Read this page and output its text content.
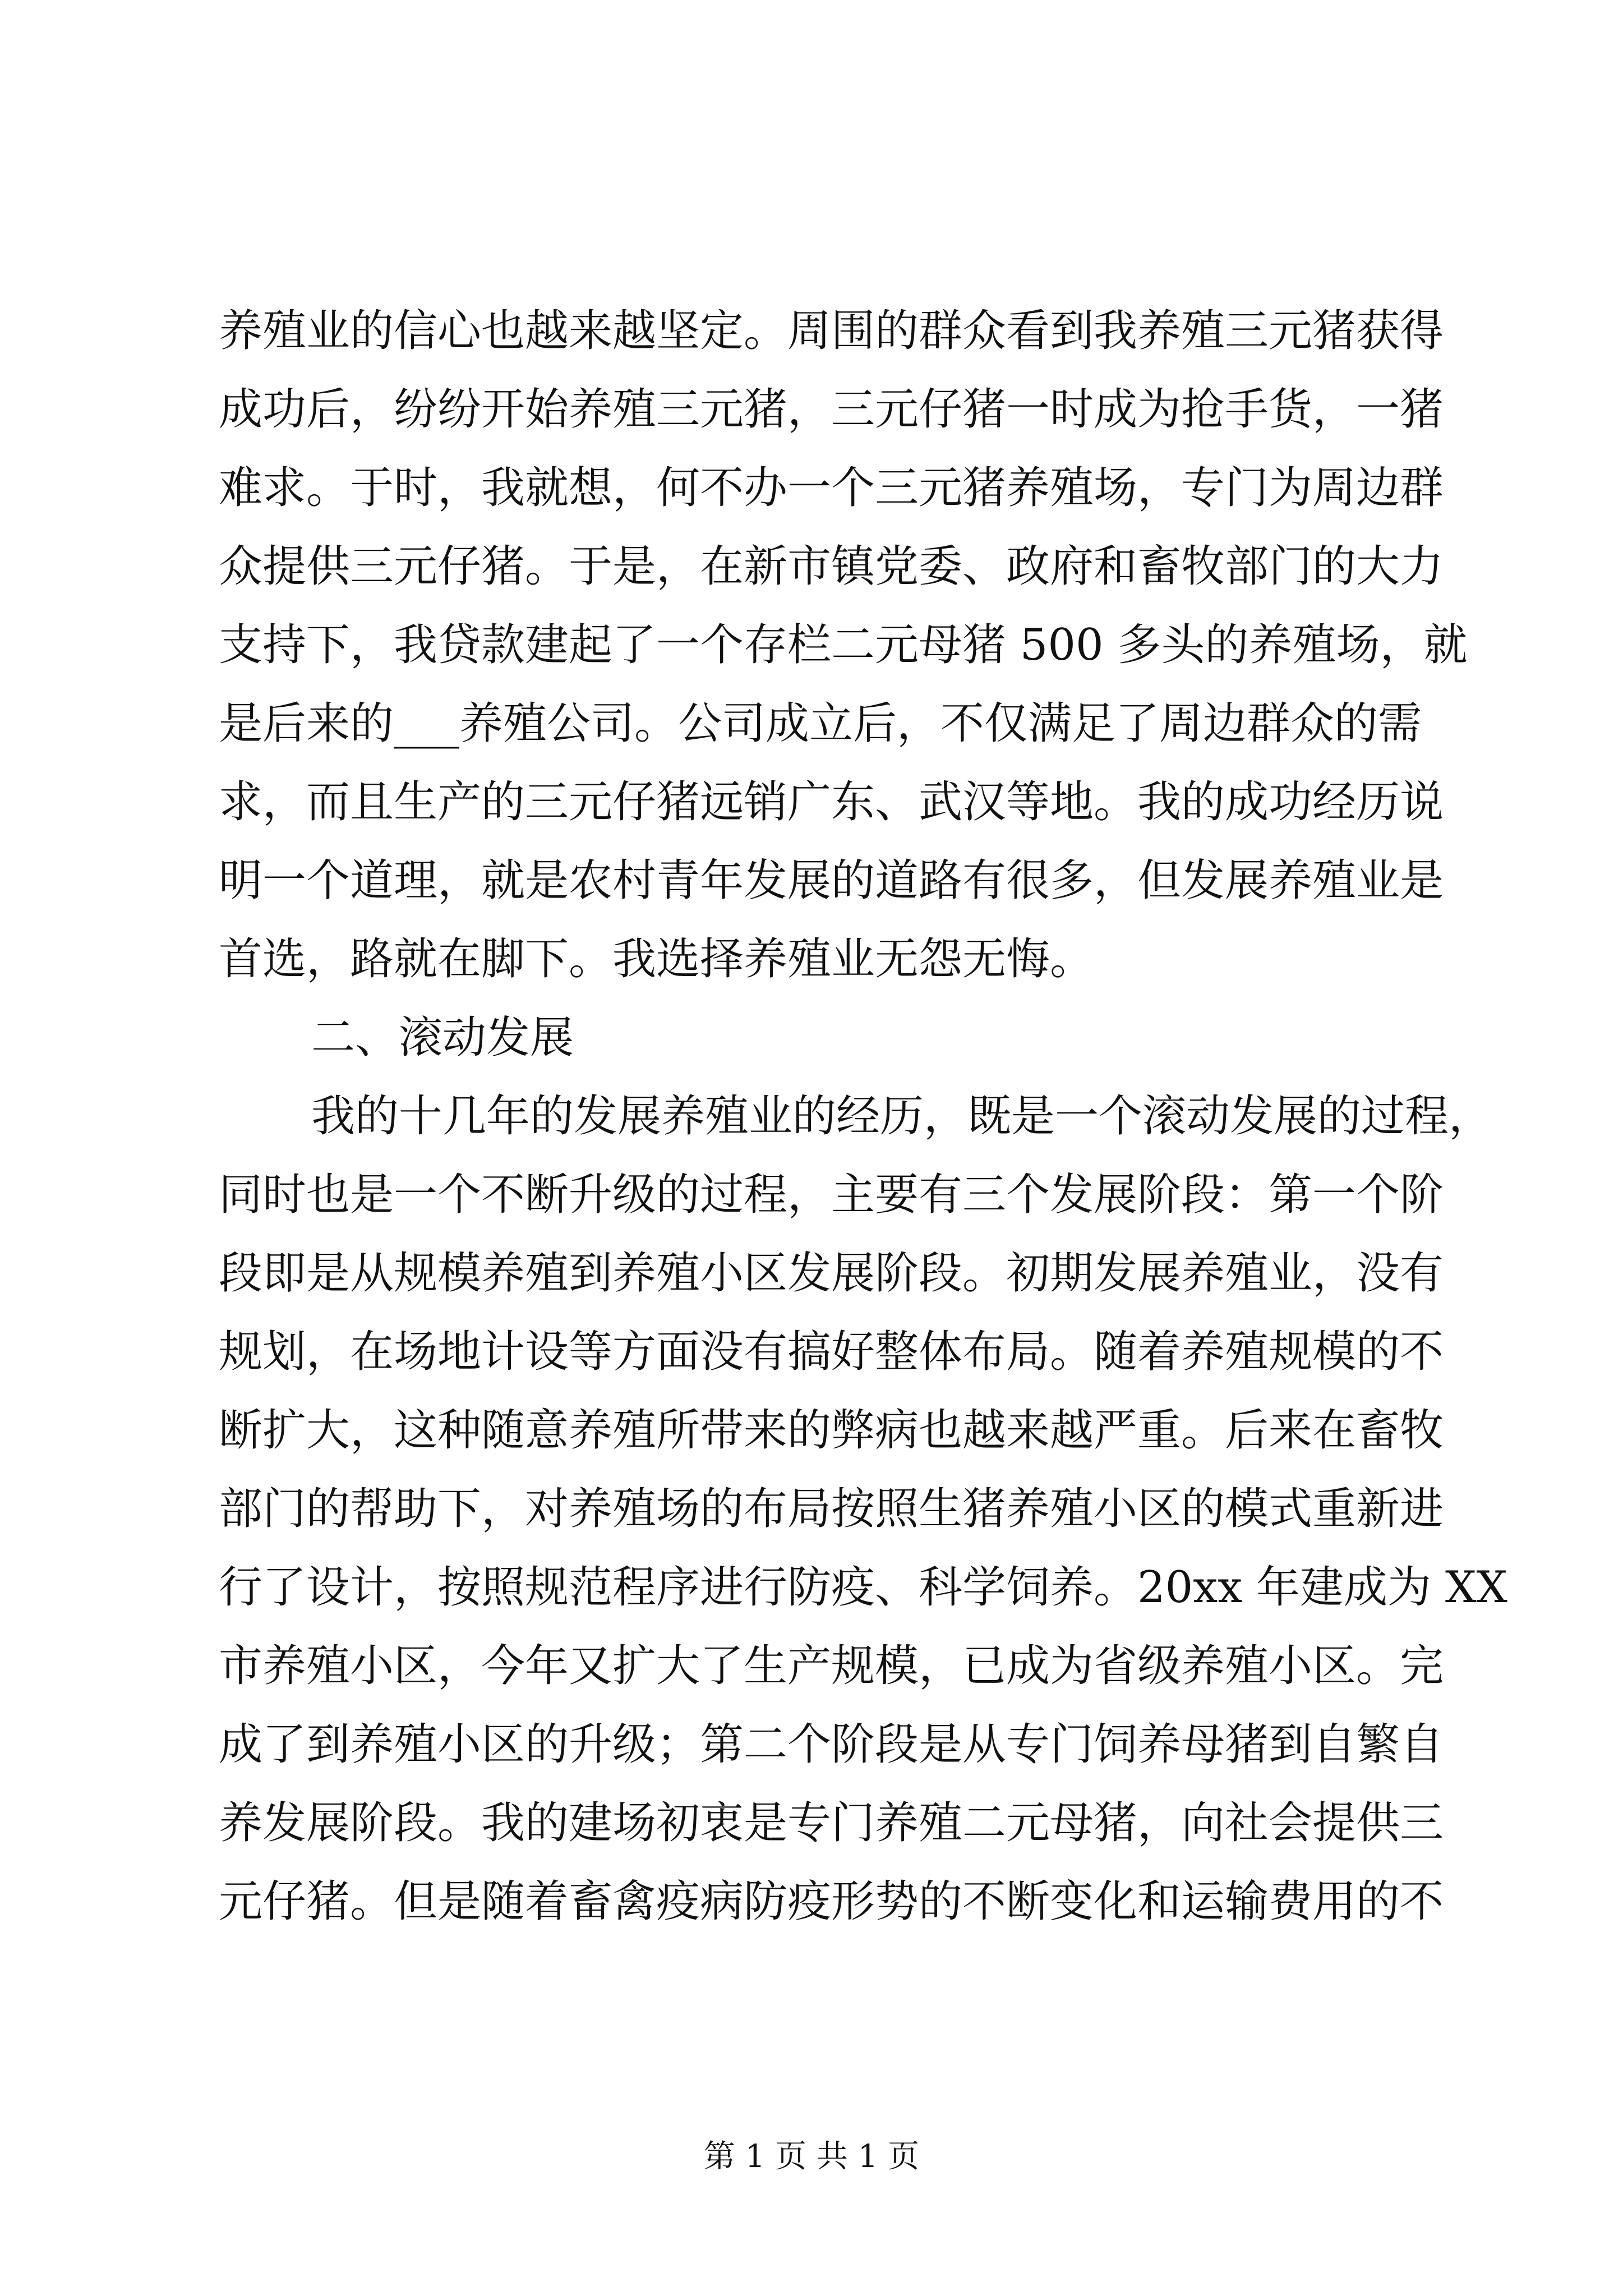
养殖业的信心也越来越坚定。周围的群众看到我养殖三元猪获得
成功后，纷纷开始养殖三元猪，三元仔猪一时成为抢手货，一猪
难求。于时，我就想，何不办一个三元猪养殖场，专门为周边群
众提供三元仔猪。于是，在新市镇党委、政府和畜牧部门的大力
支持下，我贷款建起了一个存栏二元母猪 500 多头的养殖场，就
是后来的___养殖公司。公司成立后，不仅满足了周边群众的需
求，而且生产的三元仔猪远销广东、武汉等地。我的成功经历说
明一个道理，就是农村青年发展的道路有很多，但发展养殖业是
首选，路就在脚下。我选择养殖业无怨无悔。
二、滚动发展
我的十几年的发展养殖业的经历，既是一个滚动发展的过程，
同时也是一个不断升级的过程，主要有三个发展阶段：第一个阶
段即是从规模养殖到养殖小区发展阶段。初期发展养殖业，没有
规划，在场地计设等方面没有搞好整体布局。随着养殖规模的不
断扩大，这种随意养殖所带来的弊病也越来越严重。后来在畜牧
部门的帮助下，对养殖场的布局按照生猪养殖小区的模式重新进
行了设计，按照规范程序进行防疫、科学饲养。20xx 年建成为 XX
市养殖小区，今年又扩大了生产规模，已成为省级养殖小区。完
成了到养殖小区的升级；第二个阶段是从专门饲养母猪到自繁自
养发展阶段。我的建场初衷是专门养殖二元母猪，向社会提供三
元仔猪。但是随着畜禽疫病防疫形势的不断变化和运输费用的不
第 1 页 共 1 页
